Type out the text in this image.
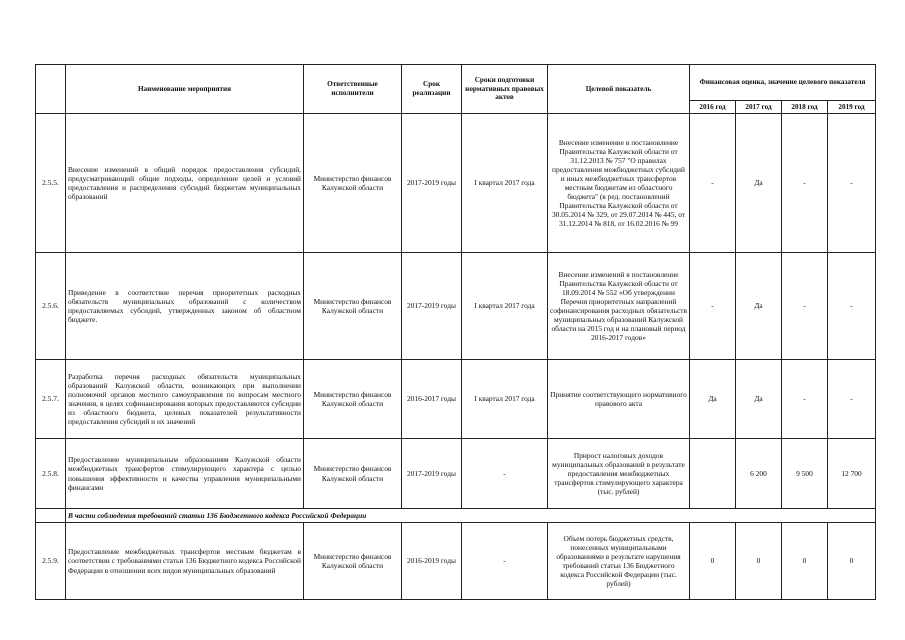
	Наименование мероприятия	Ответственные исполнители	Срок реализации	Сроки подготовки нормативных правовых актов	Целевой показатель	Финансовая оценка, значение целевого показателя			
						2016 год	2017 год	2018 год	2019 год
2.5.5.	Внесение изменений в общий порядок предоставления субсидий, предусматривающий общие подходы, определение целей и условий предоставления и распределения субсидий бюджетам муниципальных образований	Министерство финансов Калужской области	2017-2019 годы	I квартал 2017 года	Внесение изменение в постановление Правительства Калужской области от 31.12.2013 № 757 "О правилах предоставления межбюджетных субсидий и иных межбюджетных трансфертов местным бюджетам из областного бюджета" (в ред. постановлений Правительства Калужской области от 30.05.2014 № 329, от 29.07.2014 № 445, от 31.12.2014 № 818, от 16.02.2016 № 99	-	Да	-	-
2.5.6.	Приведение в соответствие перечня приоритетных расходных обязательств муниципальных образований с количеством предоставляемых субсидий, утвержденных законом об областном бюджете.	Министерство финансов Калужской области	2017-2019 годы	I квартал 2017 года	Внесение изменений в постановление Правительства Калужской области от 18.09.2014 № 552 «Об утверждении Перечня приоритетных направлений софинансирования расходных обязательств муниципальных образований Калужской области на 2015 год и на плановый период 2016-2017 годов»	-	Да	-	-
2.5.7.	Разработка перечня расходных обязательств муниципальных образований Калужской области, возникающих при выполнении полномочий органов местного самоуправления по вопросам местного значения, в целях софинансирования которых предоставляются субсидии из областного бюджета, целевых показателей результативности предоставления субсидий и их значений	Министерство финансов Калужской области	2016-2017 годы	I квартал 2017 года	Принятие соответствующего нормативного правового акта	Да	Да	-	-
2.5.8.	Предоставление муниципальным образованиям Калужской области межбюджетных трансфертов стимулирующего характера с целью повышения эффективности и качества управления муниципальными финансами	Министерство финансов Калужской области	2017-2019 годы	-	Прирост налоговых доходов муниципальных образований в результате предоставления межбюджетных трансфертов стимулирующего характера (тыс. рублей)		6 200	9 500	12 700
	В части соблюдения требований статьи 136 Бюджетного кодекса Российской Федерации								
2.5.9.	Предоставление межбюджетных трансфертов местным бюджетам в соответствии с требованиями статьи 136 Бюджетного кодекса Российской Федерации в отношении всех видов муниципальных образований	Министерство финансов Калужской области	2016-2019 годы	-	Объем потерь бюджетных средств, понесенных муниципальными образованиями в результате нарушения требований статьи 136 Бюджетного кодекса Российской Федерации (тыс. рублей)	0	0	0	0
